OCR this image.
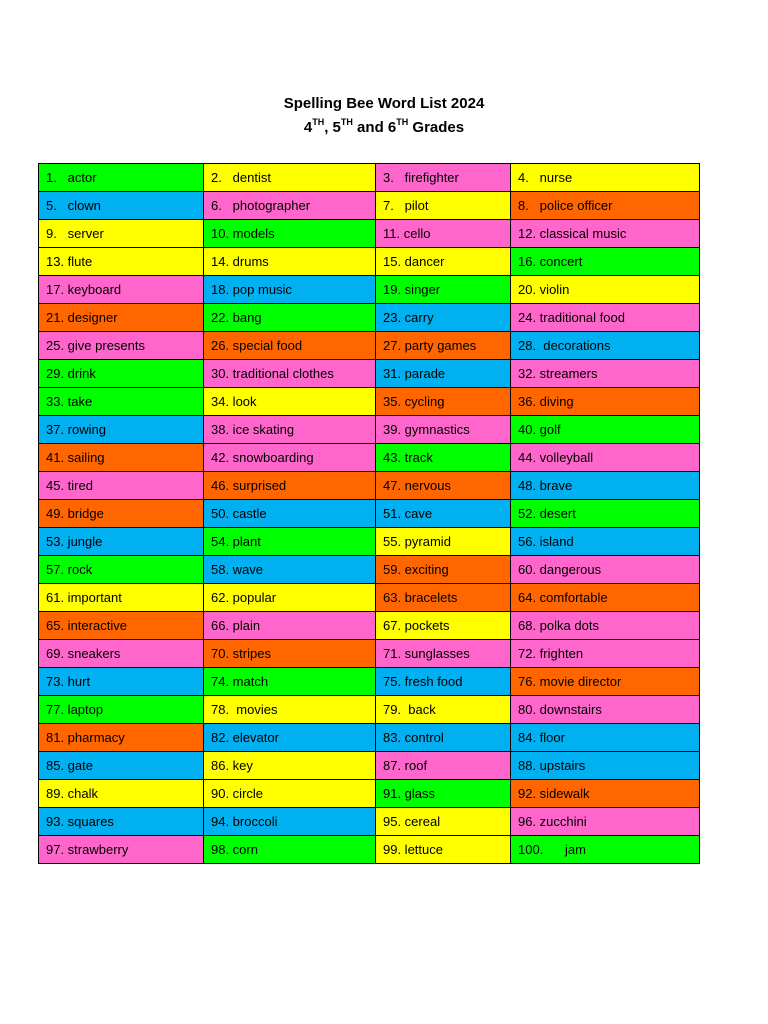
Spelling Bee Word List 2024
4TH, 5TH and 6TH Grades
1.   actor	2.   dentist	3.   firefighter	4.   nurse
5.   clown	6.   photographer	7.   pilot	8.   police officer
9.   server	10. models	11. cello	12. classical music
13. flute	14. drums	15. dancer	16. concert
17. keyboard	18. pop music	19. singer	20. violin
21. designer	22. bang	23. carry	24. traditional food
25. give presents	26. special food	27. party games	28.  decorations
29. drink	30. traditional clothes	31. parade	32. streamers
33. take	34. look	35. cycling	36. diving
37. rowing	38. ice skating	39. gymnastics	40. golf
41. sailing	42. snowboarding	43. track	44. volleyball
45. tired	46. surprised	47. nervous	48. brave
49. bridge	50. castle	51. cave	52. desert
53. jungle	54. plant	55. pyramid	56. island
57. rock	58. wave	59. exciting	60. dangerous
61. important	62. popular	63. bracelets	64. comfortable
65. interactive	66. plain	67. pockets	68. polka dots
69. sneakers	70. stripes	71. sunglasses	72. frighten
73. hurt	74. match	75. fresh food	76. movie director
77. laptop	78.  movies	79.  back	80. downstairs
81. pharmacy	82. elevator	83. control	84. floor
85. gate	86. key	87. roof	88. upstairs
89. chalk	90. circle	91. glass	92. sidewalk
93. squares	94. broccoli	95. cereal	96. zucchini
97. strawberry	98. corn	99. lettuce	100.      jam
